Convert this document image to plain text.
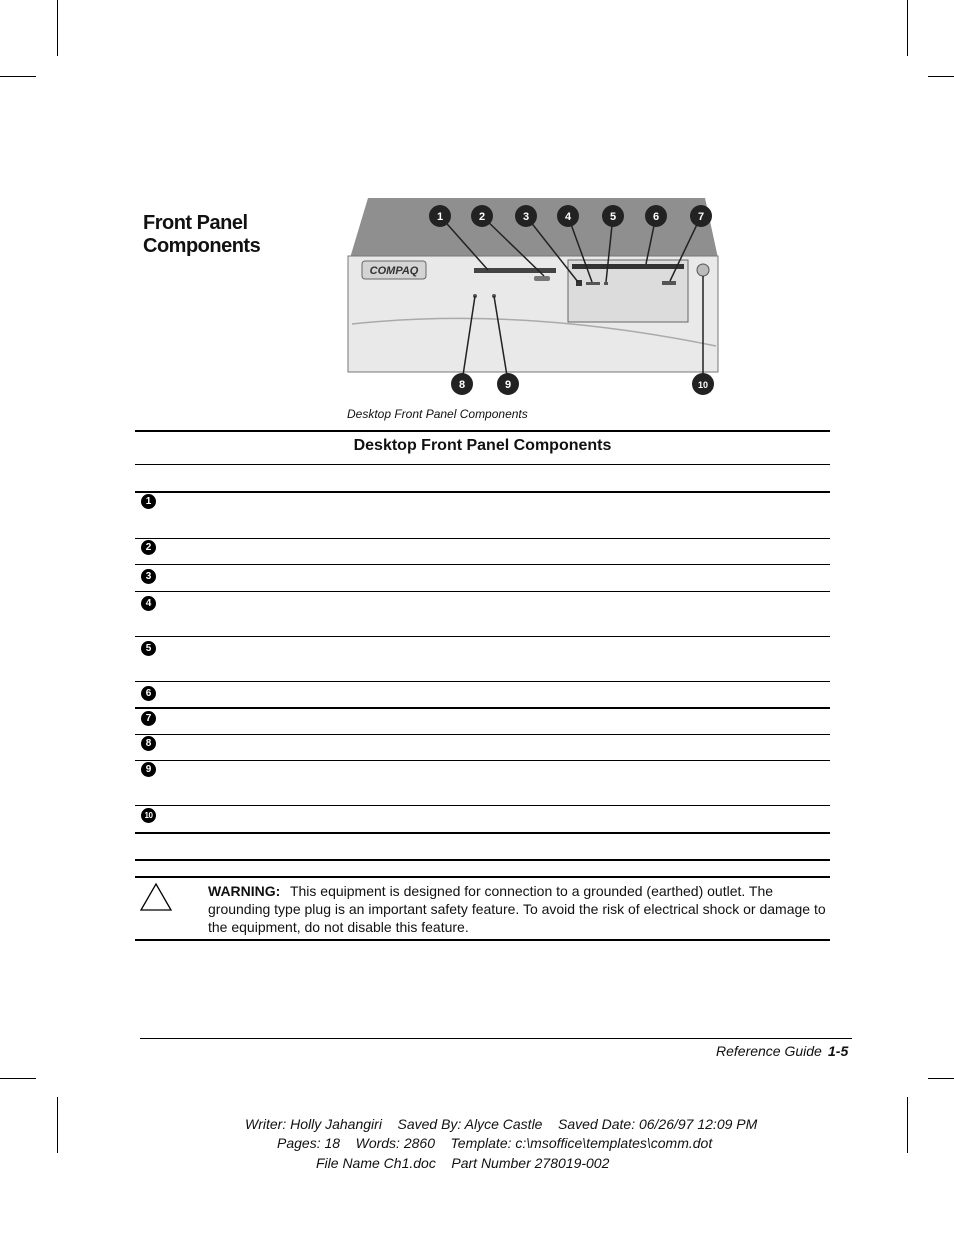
Front Panel
Components
COMPAQ
1	2	3	4	5	6	7
8	9	10
Desktop Front Panel Components
Desktop Front Panel Components
1
2
3
4
5
6
7
8
9
10
WARNING: This equipment is designed for connection to a grounded (earthed) outlet. The grounding type plug is an important safety feature. To avoid the risk of electrical shock or damage to the equipment, do not disable this feature.
Reference Guide 1-5
Writer: Holly Jahangiri    Saved By: Alyce Castle    Saved Date: 06/26/97 12:09 PM
Pages: 18    Words: 2860    Template: c:\msoffice\templates\comm.dot
File Name Ch1.doc    Part Number 278019-002
